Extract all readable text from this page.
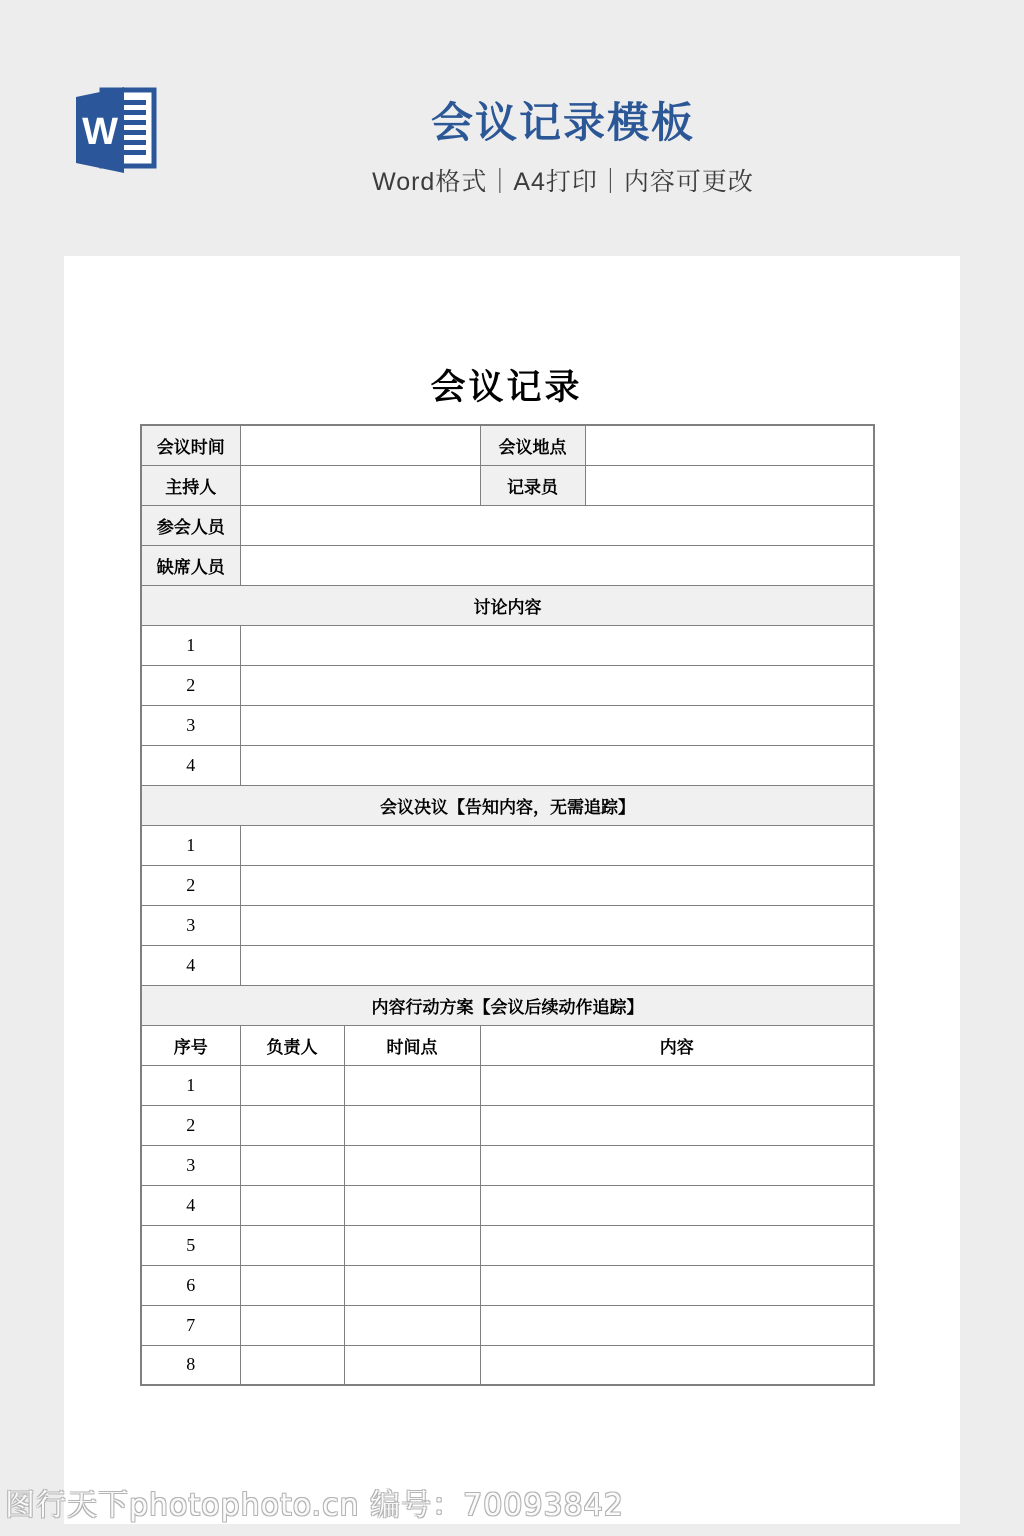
W	会议记录模板

Word格式｜A4打印｜内容可更改

会议记录
会议时间			会议地点	
主持人			记录员	
参会人员				
缺席人员				
讨论内容				
1				
2				
3				
4				
会议决议【告知内容，无需追踪】				
1				
2				
3				
4				
内容行动方案【会议后续动作追踪】				
序号	负责人	时间点	内容	
1				
2				
3				
4				
5				
6				
7				
8				
图行天下photophoto.cn 编号：70093842
